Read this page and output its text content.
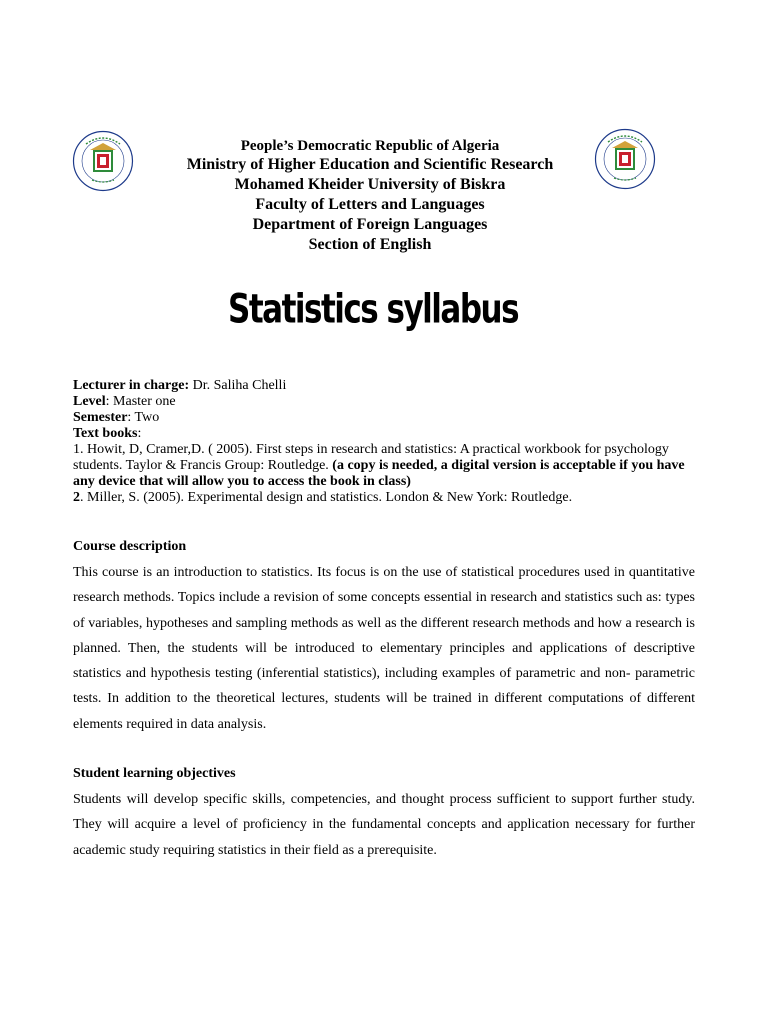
People’s Democratic Republic of Algeria
Ministry of Higher Education and Scientific Research
Mohamed Kheider University of Biskra
Faculty of Letters and Languages
Department of Foreign Languages
Section of English
Statistics syllabus
Lecturer in charge: Dr. Saliha Chelli
Level: Master one
Semester: Two
Text books:
1. Howit, D, Cramer,D. ( 2005). First steps in research and statistics: A practical workbook for psychology students. Taylor & Francis Group: Routledge. (a copy is needed, a digital version is acceptable if you have any device that will allow you to access the book in class)
2. Miller, S. (2005). Experimental design and statistics. London & New York: Routledge.
Course description
This course is an introduction to statistics. Its focus is on the use of statistical procedures used in quantitative research methods. Topics include a revision of some concepts essential in research and statistics such as: types of variables, hypotheses and sampling methods as well as the different research methods and how a research is planned. Then, the students will be introduced to elementary principles and applications of descriptive statistics and hypothesis testing (inferential statistics), including examples of parametric and non- parametric tests. In addition to the theoretical lectures, students will be trained in different computations of different elements required in data analysis.
Student learning objectives
Students will develop specific skills, competencies, and thought process sufficient to support further study. They will acquire a level of proficiency in the fundamental concepts and application necessary for further academic study requiring statistics in their field as a prerequisite.
